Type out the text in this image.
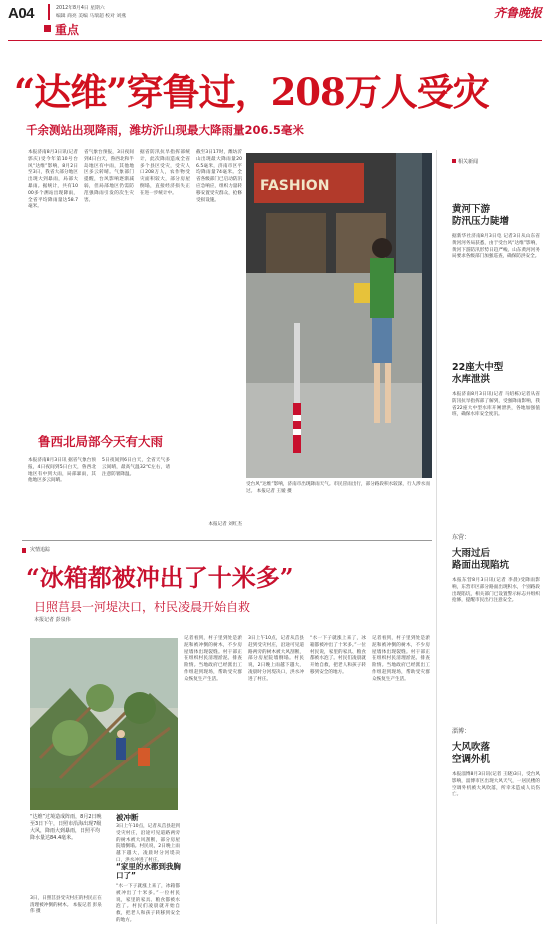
A04	2012年8月4日 星期六
编辑 商亮 美编 马瑞超 校对 刘燕
重点
齐鲁晚报
“达维”穿鲁过，208万人受灾
千余测站出现降雨，潍坊沂山现最大降雨量206.5毫米
本报济南8月3日讯(记者 郭庆)受今年第10号台风“达维”影响，8月2日至3日，我省大部分地区出现大到暴雨，局部大暴雨。据统计，共有1000多个测站出现降雨，全省平均降雨量达58.7毫米。
省气象台预报，3日夜间到4日白天，鲁西北和半岛地区有中雨，其他地区多云转晴。气象部门提醒，台风影响逐渐减弱，但局部地区仍需防范强降雨引发的次生灾害。
据省防汛抗旱指挥部统计，此次降雨造成全省多个县区受灾，受灾人口208万人，农作物受灾面积较大，部分房屋倒塌，直接经济损失正在进一步统计中。
截至3日17时，潍坊沂山出现最大降雨量206.5毫米，济南市区平均降雨量74毫米。全省各级部门已启动防汛应急响应，组织力量转移安置受灾群众，抢修受损设施。
FASHION
受台风“达维”影响，济南市出现降雨天气。市民冒雨出行，部分路段积水较深，行人涉水而过。 本报记者 王媛 摄
鲁西北局部今天有大雨
本报济南8月3日讯 据省气象台预报，4日夜间到5日白天，鲁西北地区有中到大雨，局部暴雨，其他地区多云间晴。
5日夜间到6日白天，全省天气多云间晴，最高气温32℃左右，请注意防暑降温。
本报记者 刘红杰
灾情追踪
“冰箱都被冲出了十米多”
日照莒县一河堤决口，村民凌晨开始自救
本报记者 彭泉伟
“达维”过境造成阵雨，8月2日晚至3日下午，日照市沿海出现7级大风，降雨大到暴雨，日照平均降水量达84.4毫米。
3日，日照莒县受灾村庄的村民正在清理被冲倒的树木。 本报记者 彭泉伟 摄
被冲断
3日上午10点，记者从莒县赶到受灾村庄，沿途可见道路两旁的树木被大风刮断，部分房屋院墙倒塌。村民说，2日晚上雨越下越大，凌晨时分河堤决口，洪水冲进了村庄。
“家里的水都到我胸口了”
“水一下子就涨上来了，冰箱都被冲出了十米多。”一位村民说，家里的家具、粮食都被水泡了。村民们凌晨就开始自救，把老人和孩子转移到安全的地方。
记者看到，村子里到处是淤泥和被冲倒的树木，不少房屋墙体出现裂缝。村干部正在组织村民清理淤泥、排查险情。当地政府已经派出工作组赶到现场，帮助受灾群众恢复生产生活。
3日上午10点，记者从莒县赶到受灾村庄，沿途可见道路两旁的树木被大风刮断，部分房屋院墙倒塌。村民说，2日晚上雨越下越大，凌晨时分河堤决口，洪水冲进了村庄。
“水一下子就涨上来了，冰箱都被冲出了十米多。”一位村民说，家里的家具、粮食都被水泡了。村民们凌晨就开始自救，把老人和孩子转移到安全的地方。
记者看到，村子里到处是淤泥和被冲倒的树木，不少房屋墙体出现裂缝。村干部正在组织村民清理淤泥、排查险情。当地政府已经派出工作组赶到现场，帮助受灾群众恢复生产生活。
相关新闻
黄河下游
防汛压力陡增
据新华社济南8月3日电 记者3日从山东省黄河河务局获悉，由于受台风“达维”影响，黄河下游防汛形势日趋严峻。山东黄河河务局要求各级部门加强巡查，确保防洪安全。
22座大中型
水库泄洪
本报济南8月3日讯(记者 马绍栋)记者从省防汛抗旱指挥部了解到，受强降雨影响，我省22座大中型水库开闸泄洪，各地加强值班，确保水库安全度汛。
东营：
大雨过后
路面出现陷坑
本报东营8月3日讯(记者 李晨)受降雨影响，东营市区部分路面出现积水，个别路段出现陷坑，相关部门已设置警示标志并组织抢修，提醒市民出行注意安全。
淄博：
大风吹落
空调外机
本报淄博8月3日讯(记者 王晓)3日，受台风影响，淄博市区出现大风天气，一居民楼的空调外机被大风吹落，所幸未造成人员伤亡。
